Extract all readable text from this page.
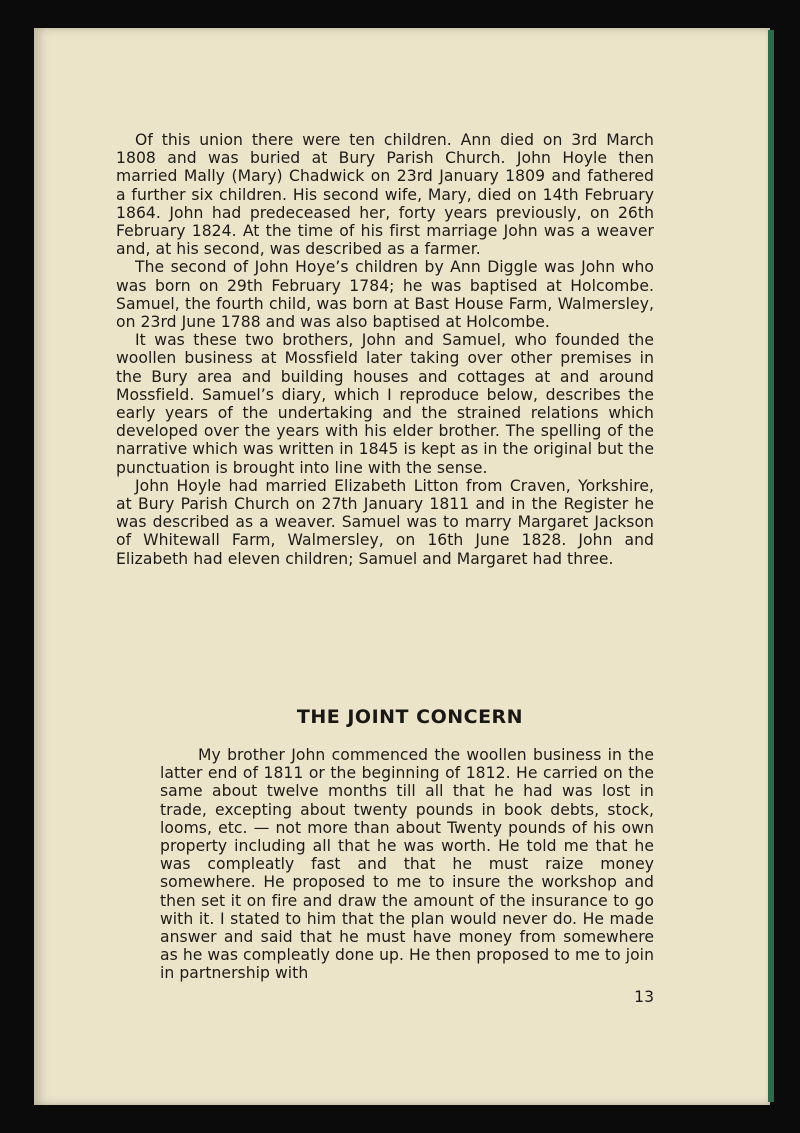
Of this union there were ten children. Ann died on 3rd March 1808 and was buried at Bury Parish Church. John Hoyle then married Mally (Mary) Chadwick on 23rd January 1809 and fathered a further six children. His second wife, Mary, died on 14th February 1864. John had predeceased her, forty years previously, on 26th February 1824. At the time of his first marriage John was a weaver and, at his second, was described as a farmer.

The second of John Hoye’s children by Ann Diggle was John who was born on 29th February 1784; he was baptised at Holcombe. Samuel, the fourth child, was born at Bast House Farm, Walmersley, on 23rd June 1788 and was also baptised at Holcombe.

It was these two brothers, John and Samuel, who founded the woollen business at Mossfield later taking over other premises in the Bury area and building houses and cottages at and around Mossfield. Samuel’s diary, which I reproduce below, describes the early years of the undertaking and the strained relations which developed over the years with his elder brother. The spelling of the narrative which was written in 1845 is kept as in the original but the punctuation is brought into line with the sense.

John Hoyle had married Elizabeth Litton from Craven, Yorkshire, at Bury Parish Church on 27th January 1811 and in the Register he was described as a weaver. Samuel was to marry Margaret Jackson of Whitewall Farm, Walmersley, on 16th June 1828. John and Elizabeth had eleven children; Samuel and Margaret had three.

THE JOINT CONCERN

My brother John commenced the woollen business in the latter end of 1811 or the beginning of 1812. He carried on the same about twelve months till all that he had was lost in trade, excepting about twenty pounds in book debts, stock, looms, etc. — not more than about Twenty pounds of his own property including all that he was worth. He told me that he was compleatly fast and that he must raize money somewhere. He proposed to me to insure the workshop and then set it on fire and draw the amount of the insurance to go with it. I stated to him that the plan would never do. He made answer and said that he must have money from somewhere as he was compleatly done up. He then proposed to me to join in partnership with

13
